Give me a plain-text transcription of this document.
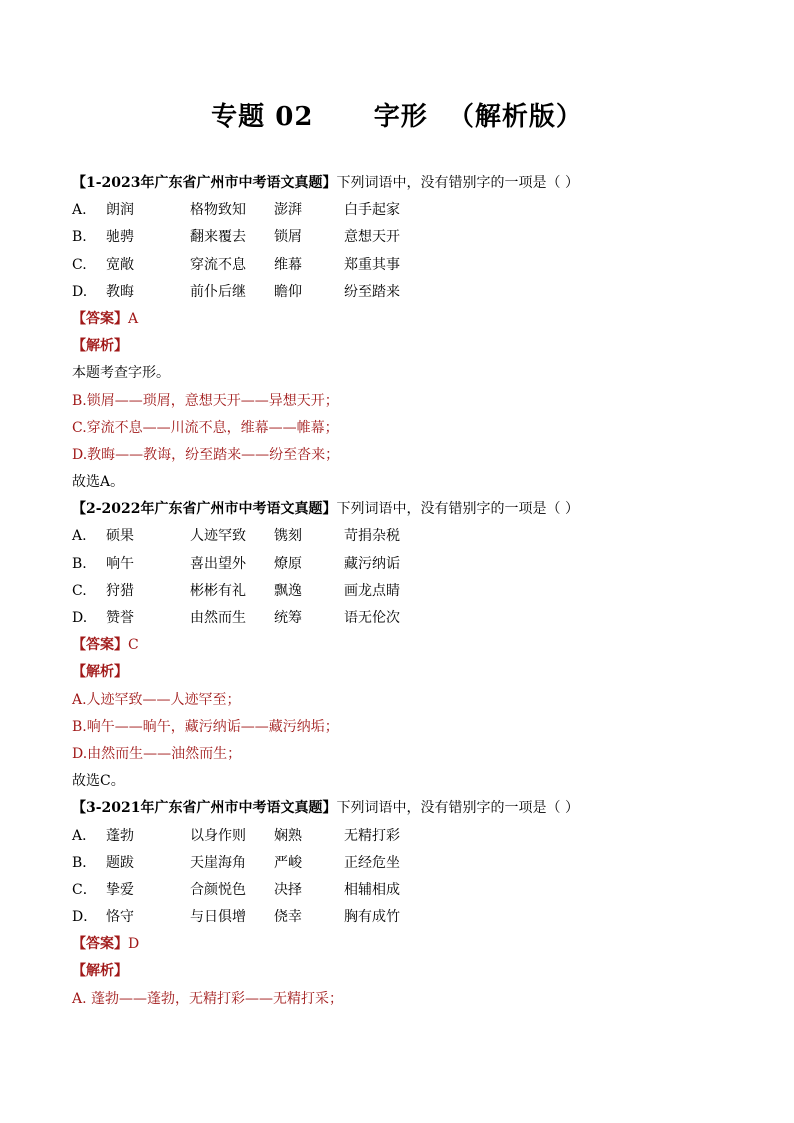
专题 02      字形  （解析版）
【1-2023年广东省广州市中考语文真题】下列词语中，没有错别字的一项是（ ）
A.	朗润	格物致知	澎湃	白手起家
B.	驰骋	翻来覆去	锁屑	意想天开
C.	宽敞	穿流不息	维幕	郑重其事
D.	教晦	前仆后继	瞻仰	纷至踏来
【答案】A
【解析】
本题考查字形。
B.锁屑——琐屑，意想天开——异想天开；
C.穿流不息——川流不息，维幕——帷幕；
D.教晦——教诲，纷至踏来——纷至沓来；
故选A。
【2-2022年广东省广州市中考语文真题】下列词语中，没有错别字的一项是（ ）
A.	硕果	人迹罕致	镌刻	苛捐杂税
B.	响午	喜出望外	燎原	藏污纳诟
C.	狩猎	彬彬有礼	飘逸	画龙点睛
D.	赞誉	由然而生	统筹	语无伦次
【答案】C
【解析】
A.人迹罕致——人迹罕至；
B.响午——晌午，藏污纳诟——藏污纳垢；
D.由然而生——油然而生；
故选C。
【3-2021年广东省广州市中考语文真题】下列词语中，没有错别字的一项是（ ）
A． 蓬勃	以身作则	娴熟	无精打彩
B． 题跋	天崖海角	严峻	正经危坐
C． 挚爱	合颜悦色	决择	相辅相成
D． 恪守	与日俱增	侥幸	胸有成竹
【答案】D
【解析】
A. 蓬勃——蓬勃，无精打彩——无精打采；
